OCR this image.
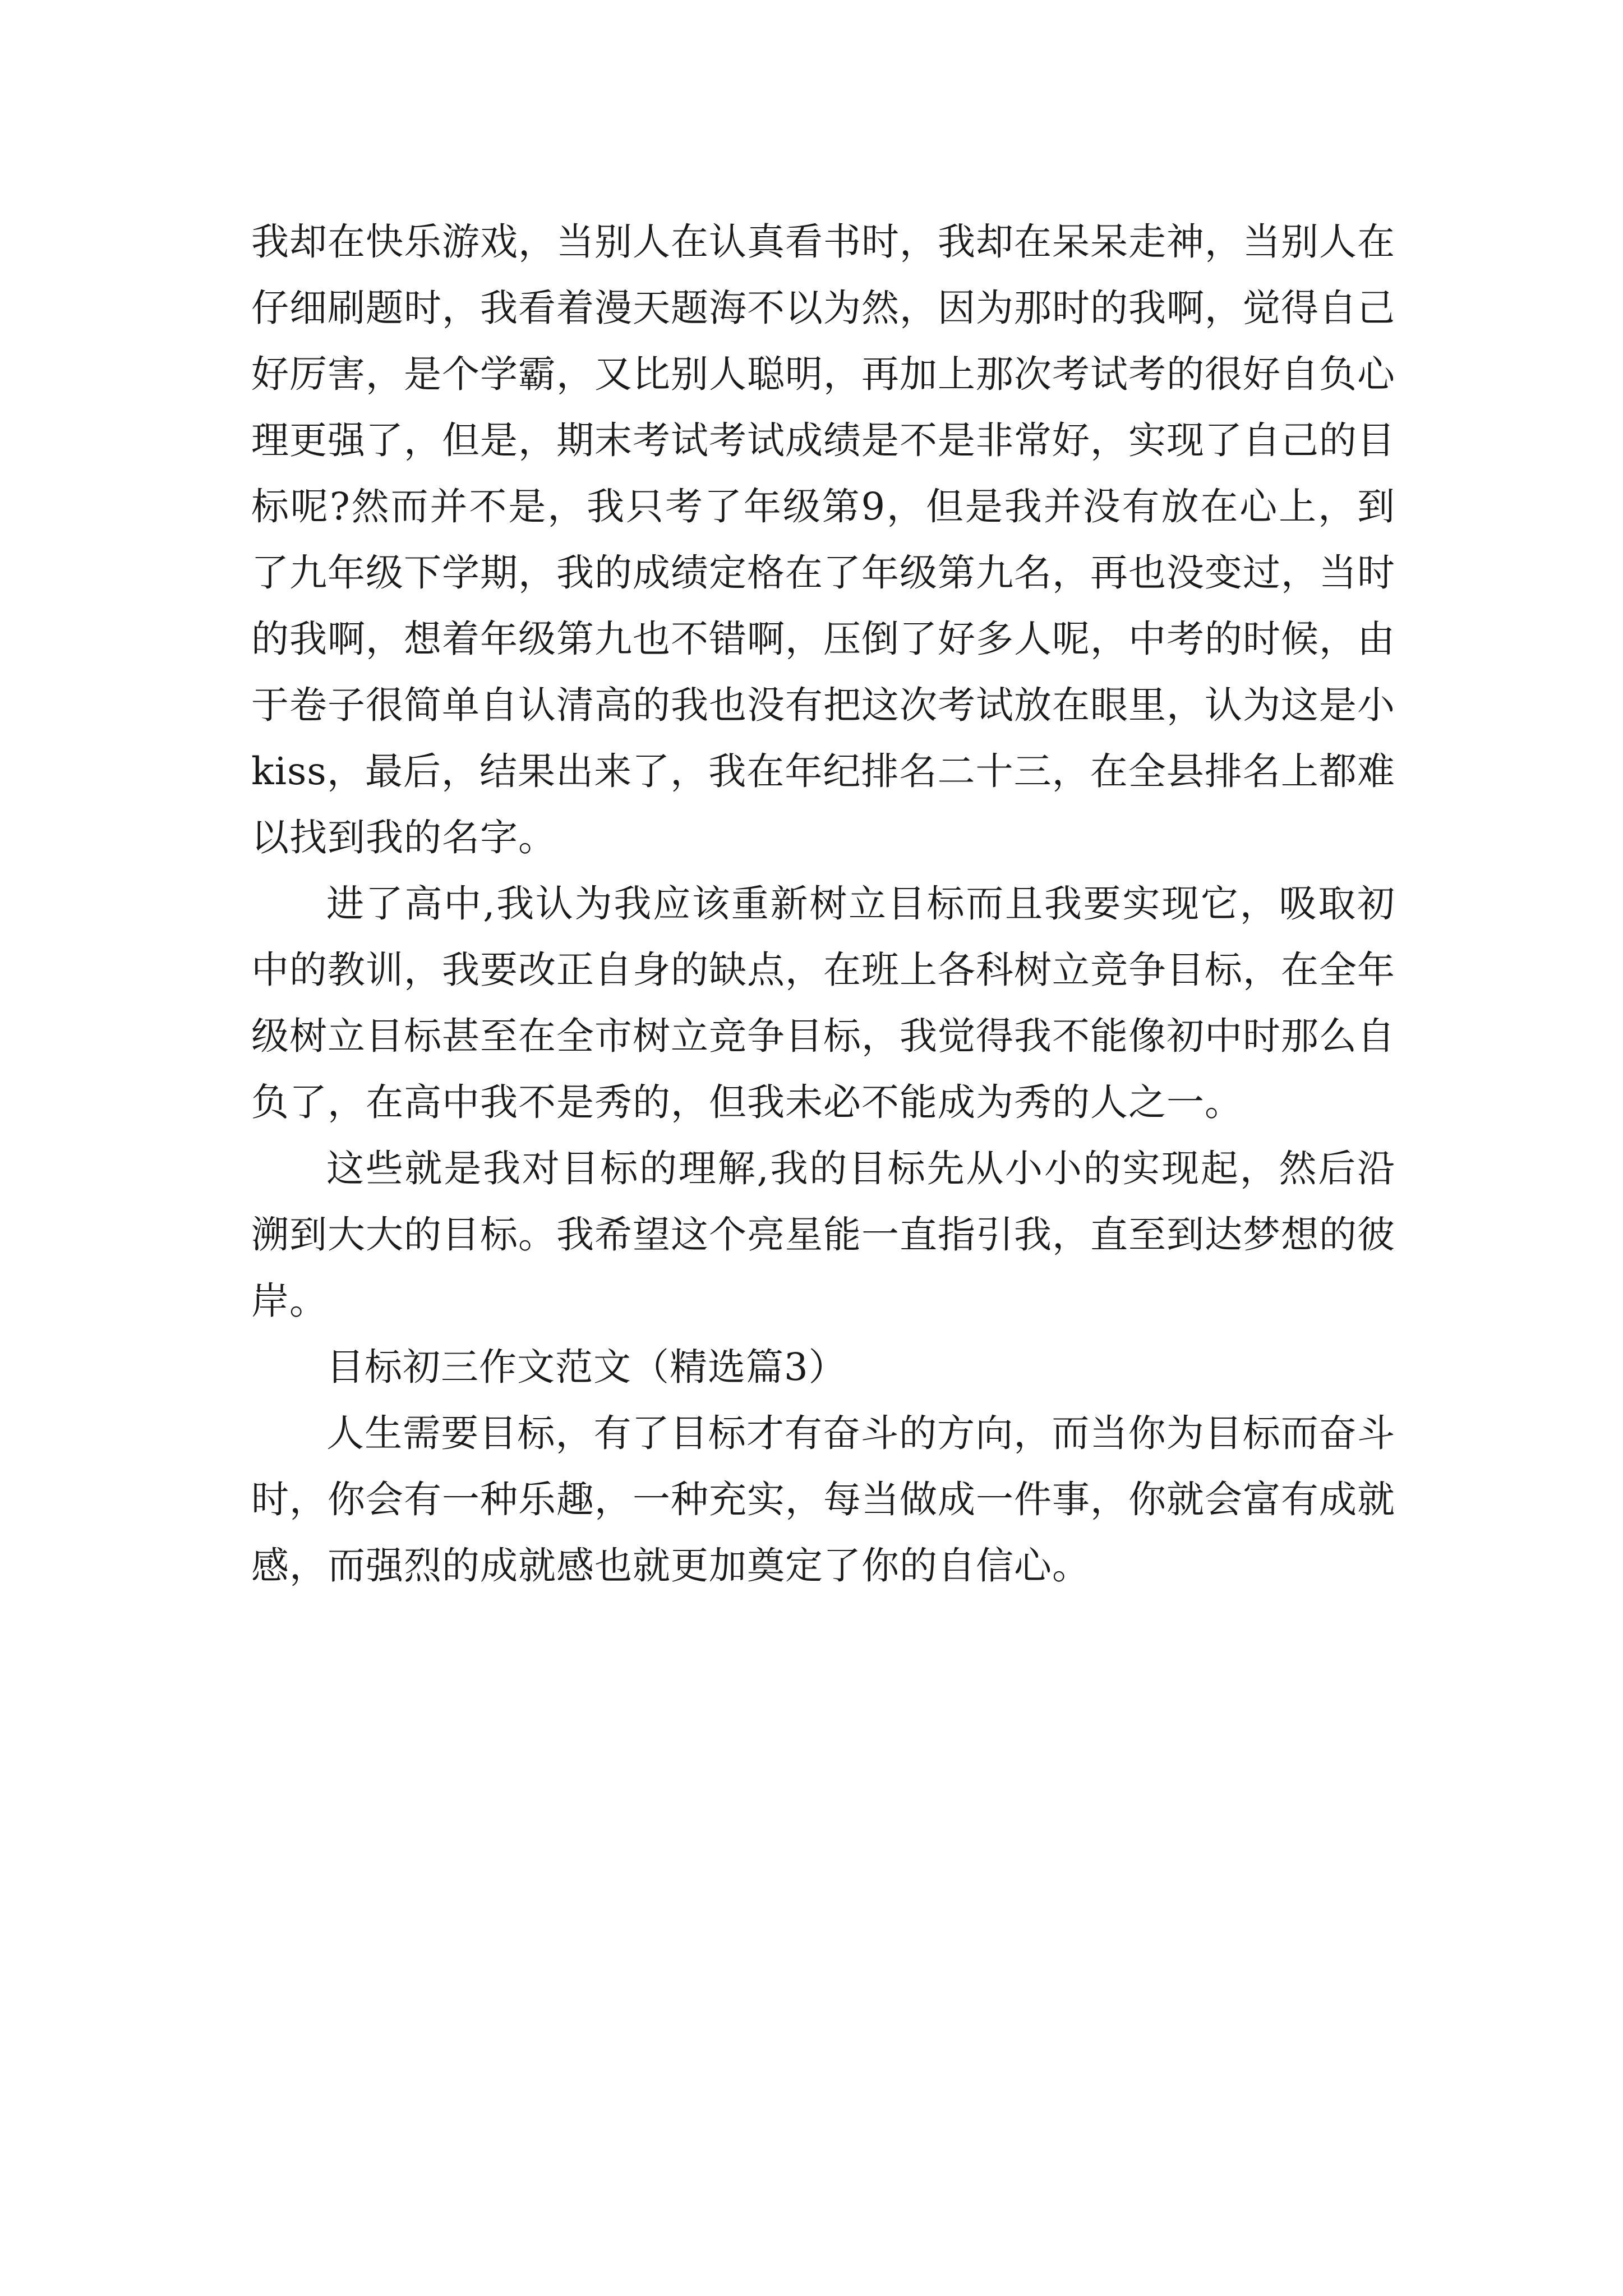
我却在快乐游戏，当别人在认真看书时，我却在呆呆走神，当别人在仔细刷题时，我看着漫天题海不以为然，因为那时的我啊，觉得自己好厉害，是个学霸，又比别人聪明，再加上那次考试考的很好自负心理更强了，但是，期末考试考试成绩是不是非常好，实现了自己的目标呢?然而并不是，我只考了年级第9，但是我并没有放在心上，到了九年级下学期，我的成绩定格在了年级第九名，再也没变过，当时的我啊，想着年级第九也不错啊，压倒了好多人呢，中考的时候，由于卷子很简单自认清高的我也没有把这次考试放在眼里，认为这是小kiss，最后，结果出来了，我在年纪排名二十三，在全县排名上都难以找到我的名字。

进了高中,我认为我应该重新树立目标而且我要实现它，吸取初中的教训，我要改正自身的缺点，在班上各科树立竞争目标，在全年级树立目标甚至在全市树立竞争目标，我觉得我不能像初中时那么自负了，在高中我不是秀的，但我未必不能成为秀的人之一。

这些就是我对目标的理解,我的目标先从小小的实现起，然后沿溯到大大的目标。我希望这个亮星能一直指引我，直至到达梦想的彼岸。

目标初三作文范文（精选篇3）

人生需要目标，有了目标才有奋斗的方向，而当你为目标而奋斗时，你会有一种乐趣，一种充实，每当做成一件事，你就会富有成就感，而强烈的成就感也就更加奠定了你的自信心。
